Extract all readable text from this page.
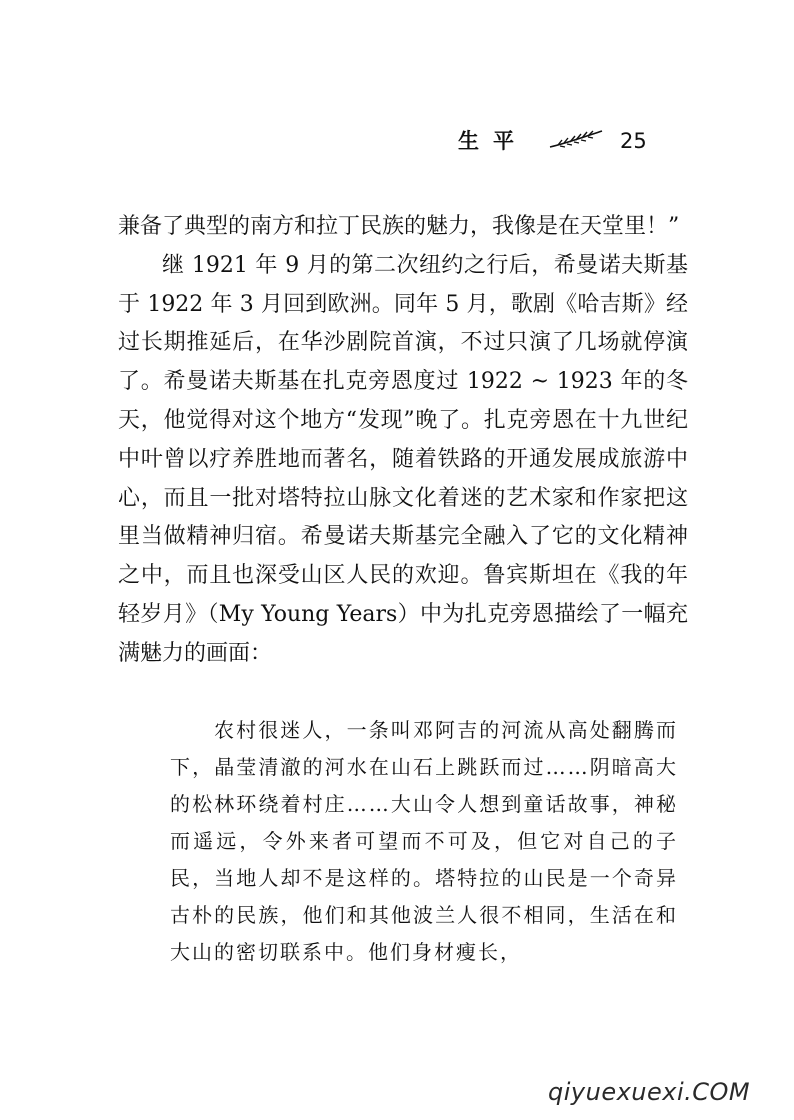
生平	25

兼备了典型的南方和拉丁民族的魅力，我像是在天堂里！”

继 1921 年 9 月的第二次纽约之行后，希曼诺夫斯基于 1922 年 3 月回到欧洲。同年 5 月，歌剧《哈吉斯》经过长期推延后，在华沙剧院首演，不过只演了几场就停演了。希曼诺夫斯基在扎克旁恩度过 1922 ~ 1923 年的冬天，他觉得对这个地方“发现”晚了。扎克旁恩在十九世纪中叶曾以疗养胜地而著名，随着铁路的开通发展成旅游中心，而且一批对塔特拉山脉文化着迷的艺术家和作家把这里当做精神归宿。希曼诺夫斯基完全融入了它的文化精神之中，而且也深受山区人民的欢迎。鲁宾斯坦在《我的年轻岁月》（My Young Years）中为扎克旁恩描绘了一幅充满魅力的画面：

农村很迷人，一条叫邓阿吉的河流从高处翻腾而下，晶莹清澈的河水在山石上跳跃而过……阴暗高大的松林环绕着村庄……大山令人想到童话故事，神秘而遥远，令外来者可望而不可及，但它对自己的子民，当地人却不是这样的。塔特拉的山民是一个奇异古朴的民族，他们和其他波兰人很不相同，生活在和大山的密切联系中。他们身材瘦长，

qiyuexuexi.COM
